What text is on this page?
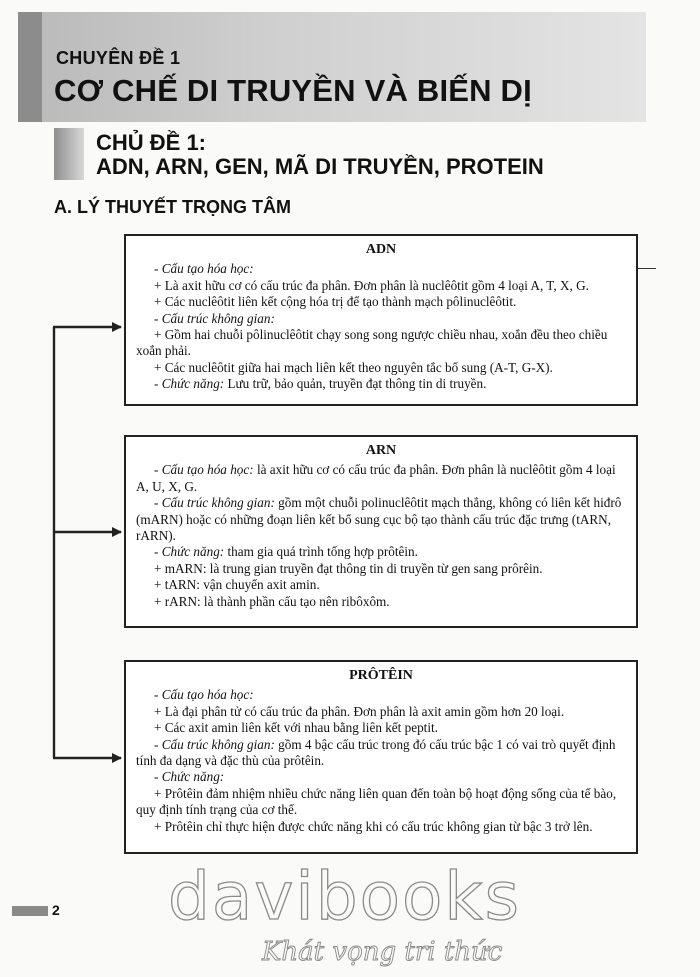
CHUYÊN ĐỀ 1
CƠ CHẾ DI TRUYỀN VÀ BIẾN DỊ
CHỦ ĐỀ 1:
ADN, ARN, GEN, MÃ DI TRUYỀN, PROTEIN
A. LÝ THUYẾT TRỌNG TÂM
ADN

- Cấu tạo hóa học:

+ Là axit hữu cơ có cấu trúc đa phân. Đơn phân là nuclêôtit gồm 4 loại A, T, X, G.

+ Các nuclêôtit liên kết cộng hóa trị để tạo thành mạch pôlinuclêôtit.

- Cấu trúc không gian:

+ Gồm hai chuỗi pôlinuclêôtit chạy song song ngược chiều nhau, xoắn đều theo chiều xoắn phải.

+ Các nuclêôtit giữa hai mạch liên kết theo nguyên tắc bổ sung (A-T, G-X).

- Chức năng: Lưu trữ, bảo quản, truyền đạt thông tin di truyền.

ARN

- Cấu tạo hóa học: là axit hữu cơ có cấu trúc đa phân. Đơn phân là nuclêôtit gồm 4 loại A, U, X, G.

- Cấu trúc không gian: gồm một chuỗi polinuclêôtit mạch thẳng, không có liên kết hiđrô (mARN) hoặc có những đoạn liên kết bổ sung cục bộ tạo thành cấu trúc đặc trưng (tARN, rARN).

- Chức năng: tham gia quá trình tổng hợp prôtêin.

+ mARN: là trung gian truyền đạt thông tin di truyền từ gen sang prôrêin.

+ tARN: vận chuyển axit amin.

+ rARN: là thành phần cấu tạo nên ribôxôm.

PRÔTÊIN

- Cấu tạo hóa học:

+ Là đại phân tử có cấu trúc đa phân. Đơn phân là axit amin gồm hơn 20 loại.

+ Các axit amin liên kết với nhau bằng liên kết peptit.

- Cấu trúc không gian: gồm 4 bậc cấu trúc trong đó cấu trúc bậc 1 có vai trò quyết định tính đa dạng và đặc thù của prôtêin.

- Chức năng:

+ Prôtêin đảm nhiệm nhiều chức năng liên quan đến toàn bộ hoạt động sống của tế bào, quy định tính trạng của cơ thể.

+ Prôtêin chỉ thực hiện được chức năng khi có cấu trúc không gian từ bậc 3 trở lên.

2 davibooks
Khát vọng tri thức
